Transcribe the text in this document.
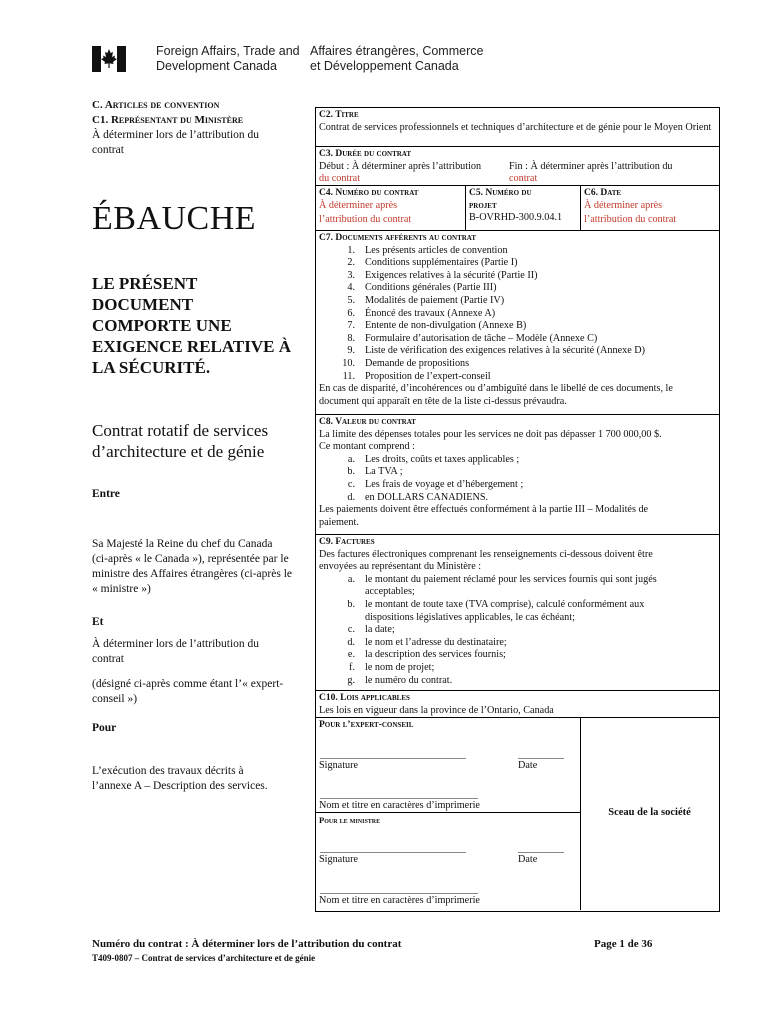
Foreign Affairs, Trade and
Development Canada
Affaires étrangères, Commerce
et Développement Canada
C. Articles de convention
C1. Représentant du Ministère
À déterminer lors de l’attribution du
contrat
ÉBAUCHE
LE PRÉSENT
DOCUMENT
COMPORTE UNE
EXIGENCE RELATIVE À
LA SÉCURITÉ.
Contrat rotatif de services
d’architecture et de génie
Entre
Sa Majesté la Reine du chef du Canada
(ci-après « le Canada »), représentée par le
ministre des Affaires étrangères (ci-après le
« ministre »)
Et
À déterminer lors de l’attribution du
contrat
(désigné ci-après comme étant l’« expert-
conseil »)
Pour
L’exécution des travaux décrits à
l’annexe A – Description des services.
C2. Titre
Contrat de services professionnels et techniques d’architecture et de génie pour le Moyen Orient
C3. Durée du contrat
Début : À déterminer après l’attribution
du contrat
Fin : À déterminer après l’attribution du
contrat
C4. Numéro du contrat
À déterminer après
l’attribution du contrat
C5. Numéro du
projet
B-OVRHD-300.9.04.1
C6. Date
À déterminer après
l’attribution du contrat
C7. Documents afférents au contrat
1. Les présents articles de convention
2. Conditions supplémentaires (Partie I)
3. Exigences relatives à la sécurité (Partie II)
4. Conditions générales (Partie III)
5. Modalités de paiement (Partie IV)
6. Énoncé des travaux (Annexe A)
7. Entente de non-divulgation (Annexe B)
8. Formulaire d’autorisation de tâche – Modèle (Annexe C)
9. Liste de vérification des exigences relatives à la sécurité (Annexe D)
10. Demande de propositions
11. Proposition de l’expert-conseil
En cas de disparité, d’incohérences ou d’ambiguïté dans le libellé de ces documents, le
document qui apparaît en tête de la liste ci-dessus prévaudra.
C8. Valeur du contrat
La limite des dépenses totales pour les services ne doit pas dépasser 1 700 000,00 $.
Ce montant comprend :
a. Les droits, coûts et taxes applicables ;
b. La TVA ;
c. Les frais de voyage et d’hébergement ;
d. en DOLLARS CANADIENS.
Les paiements doivent être effectués conformément à la partie III – Modalités de
paiement.
C9. Factures
Des factures électroniques comprenant les renseignements ci-dessous doivent être
envoyées au représentant du Ministère :
a. le montant du paiement réclamé pour les services fournis qui sont jugés
acceptables;
b. le montant de toute taxe (TVA comprise), calculé conformément aux
dispositions législatives applicables, le cas échéant;
c. la date;
d. le nom et l’adresse du destinataire;
e. la description des services fournis;
f. le nom de projet;
g. le numéro du contrat.
C10. Lois applicables
Les lois en vigueur dans la province de l’Ontario, Canada
Pour l’expert-conseil
Signature	Date
Nom et titre en caractères d’imprimerie
Pour le ministre
Signature	Date
Nom et titre en caractères d’imprimerie
Sceau de la société
Numéro du contrat : À déterminer lors de l’attribution du contrat	Page 1 de 36
T409-0807 – Contrat de services d’architecture et de génie
